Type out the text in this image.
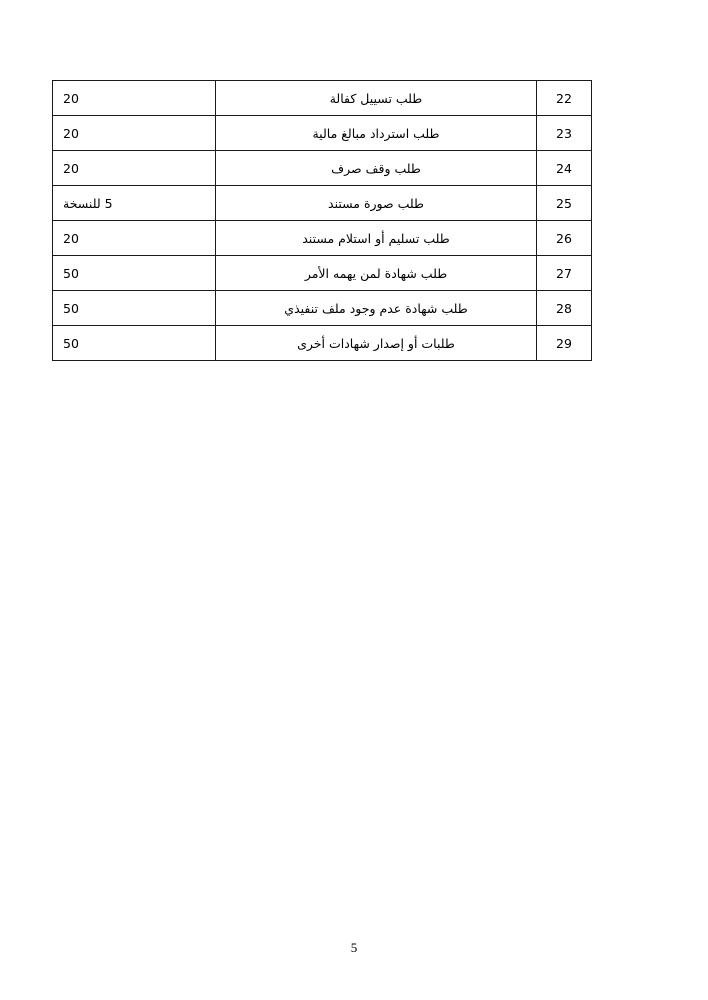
22	طلب تسييل كفالة	20
23	طلب استرداد مبالغ مالية	20
24	طلب وقف صرف	20
25	طلب صورة مستند	5 للنسخة
26	طلب تسليم أو استلام مستند	20
27	طلب شهادة لمن يهمه الأمر	50
28	طلب شهادة عدم وجود ملف تنفيذي	50
29	طلبات أو إصدار شهادات أخرى	50
5
